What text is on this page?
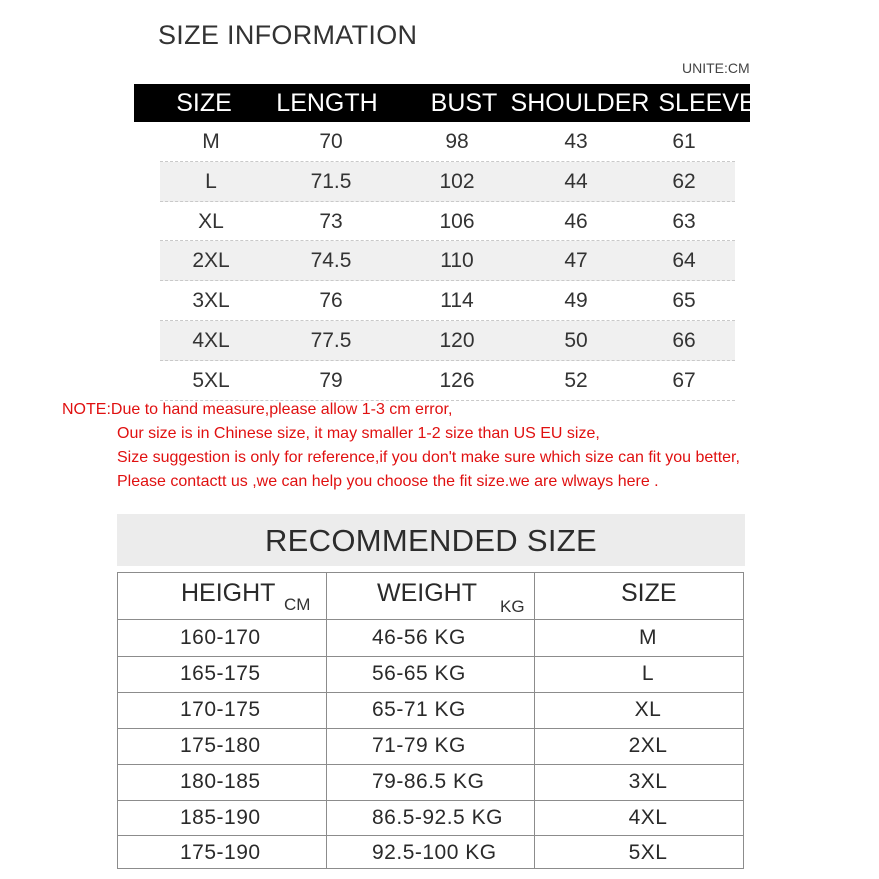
SIZE INFORMATION
UNITE:CM
SIZE LENGTH BUST SHOULDER SLEEVE
M	70	98	43	61
L	71.5	102	44	62
XL	73	106	46	63
2XL	74.5	110	47	64
3XL	76	114	49	65
4XL	77.5	120	50	66
5XL	79	126	52	67
NOTE:Due to hand measure,please allow 1-3 cm error,
Our size is in Chinese size, it may smaller 1-2 size than US EU size,
Size suggestion is only for reference,if you don't make sure which size can fit you better,
Please contactt us ,we can help you choose the fit size.we are wlways here .
RECOMMENDED SIZE
HEIGHT CM	WEIGHT KG	SIZE
160-170	46-56 KG	M
165-175	56-65 KG	L
170-175	65-71 KG	XL
175-180	71-79 KG	2XL
180-185	79-86.5 KG	3XL
185-190	86.5-92.5 KG	4XL
175-190	92.5-100 KG	5XL
